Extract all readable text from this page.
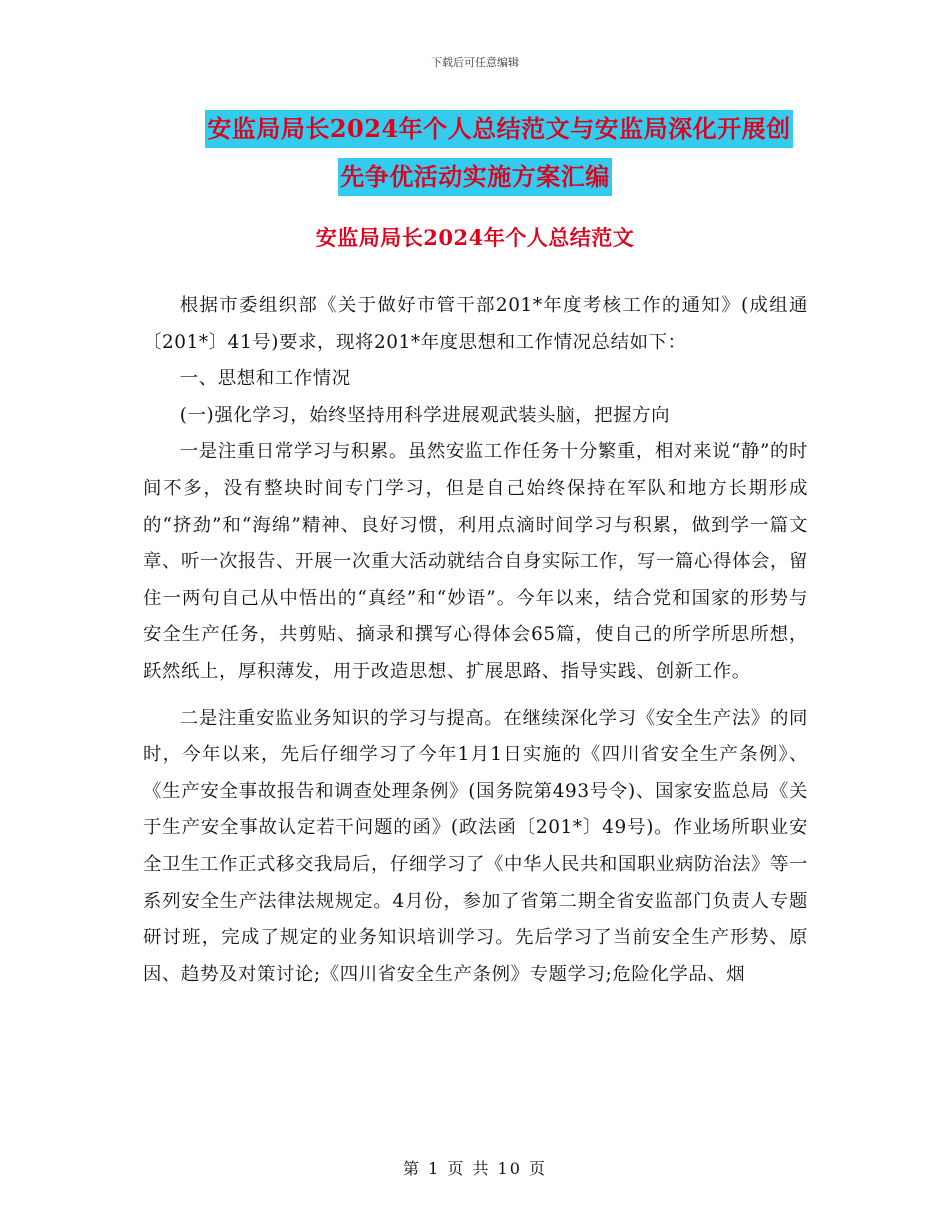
下载后可任意编辑
安监局局长2024年个人总结范文与安监局深化开展创
先争优活动实施方案汇编
安监局局长2024年个人总结范文

根据市委组织部《关于做好市管干部201*年度考核工作的通知》(成组通〔201*〕41号)要求，现将201*年度思想和工作情况总结如下：

一、思想和工作情况

(一)强化学习，始终坚持用科学进展观武装头脑，把握方向

一是注重日常学习与积累。虽然安监工作任务十分繁重，相对来说“静”的时间不多，没有整块时间专门学习，但是自己始终保持在军队和地方长期形成的“挤劲”和“海绵”精神、良好习惯，利用点滴时间学习与积累，做到学一篇文章、听一次报告、开展一次重大活动就结合自身实际工作，写一篇心得体会，留住一两句自己从中悟出的“真经”和“妙语”。今年以来，结合党和国家的形势与安全生产任务，共剪贴、摘录和撰写心得体会65篇，使自己的所学所思所想，跃然纸上，厚积薄发，用于改造思想、扩展思路、指导实践、创新工作。

二是注重安监业务知识的学习与提高。在继续深化学习《安全生产法》的同时，今年以来，先后仔细学习了今年1月1日实施的《四川省安全生产条例》、《生产安全事故报告和调查处理条例》(国务院第493号令)、国家安监总局《关于生产安全事故认定若干问题的函》(政法函〔201*〕49号)。作业场所职业安全卫生工作正式移交我局后，仔细学习了《中华人民共和国职业病防治法》等一系列安全生产法律法规规定。4月份，参加了省第二期全省安监部门负责人专题研讨班，完成了规定的业务知识培训学习。先后学习了当前安全生产形势、原因、趋势及对策讨论;《四川省安全生产条例》专题学习;危险化学品、烟

第 1 页 共 10 页
